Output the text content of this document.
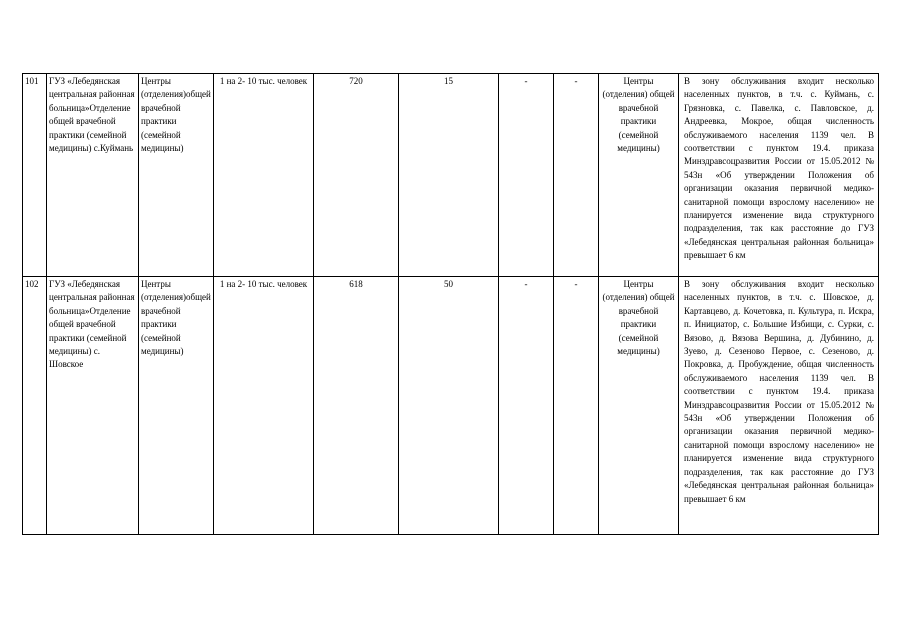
101	ГУЗ «Лебедянская центральная районная больница»Отделение общей врачебной практики (семейной медицины) с.Куймань	Центры (отделения)общей врачебной практики (семейной медицины)	1 на 2- 10 тыс. человек	720	15	-	-	Центры (отделения) общей врачебной практики (семейной медицины)	В зону обслуживания входит несколько населенных пунктов, в т.ч. с. Куймань, с. Грязновка, с. Павелка, с. Павловское, д. Андреевка, Мокрое, общая численность обслуживаемого населения 1139 чел. В соответствии с пунктом 19.4. приказа Минздравсоцразвития России от 15.05.2012 № 543н «Об утверждении Положения об организации оказания первичной медико-санитарной помощи взрослому населению» не планируется изменение вида структурного подразделения, так как расстояние до ГУЗ «Лебедянская центральная районная больница» превышает 6 км
102	ГУЗ «Лебедянская центральная районная больница»Отделение общей врачебной практики (семейной медицины) с. Шовское	Центры (отделения)общей врачебной практики (семейной медицины)	1 на 2- 10 тыс. человек	618	50	-	-	Центры (отделения) общей врачебной практики (семейной медицины)	В зону обслуживания входит несколько населенных пунктов, в т.ч. с. Шовское, д. Картавцево, д. Кочетовка, п. Культура, п. Искра, п. Инициатор, с. Большие Избищи, с. Сурки, с. Вязово, д. Вязова Вершина, д. Дубинино, д. Зуево, д. Сезеново Первое, с. Сезеново, д. Покровка, д. Пробуждение, общая численность обслуживаемого населения 1139 чел. В соответствии с пунктом 19.4. приказа Минздравсоцразвития России от 15.05.2012 № 543н «Об утверждении Положения об организации оказания первичной медико-санитарной помощи взрослому населению» не планируется изменение вида структурного подразделения, так как расстояние до ГУЗ «Лебедянская центральная районная больница» превышает 6 км
